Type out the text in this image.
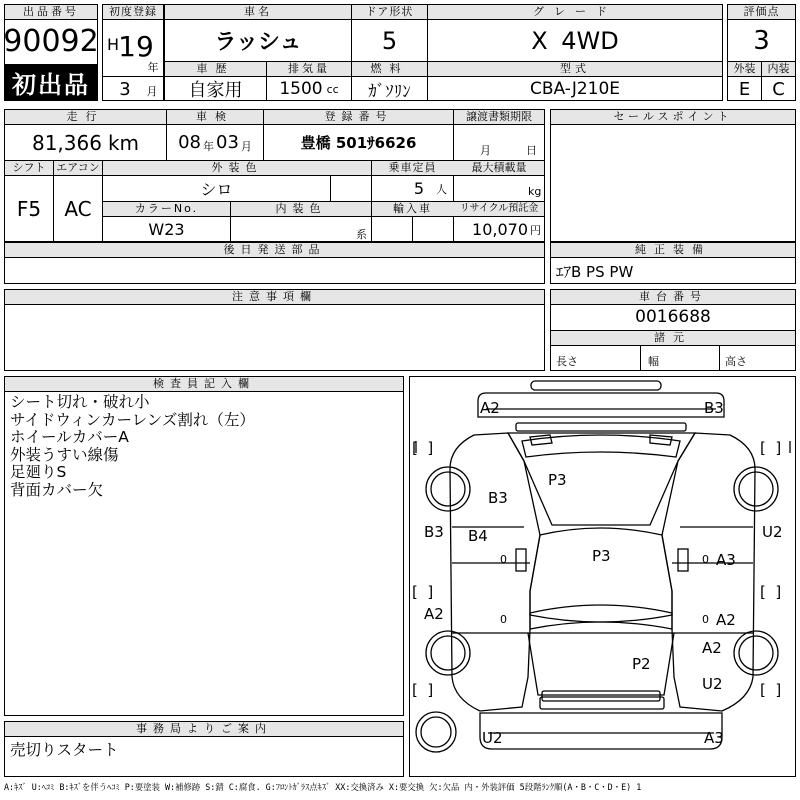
出品番号
90092
初出品
初度登録
H 19
年
3	月
車名
ラッシュ
ドア形状
5
グレード
X 4WD
車歴
自家用
排気量
1500 cc
燃料
ｶﾞｿﾘﾝ
型式
CBA-J210E
評価点
3
外装	内装
E	C
走行
81,366 km
車検
08 年 03 月
登録番号
豊橋 501ｻ6626
譲渡書類期限
月	日
シフト
F5
エアコン
AC
外装色
シロ
乗車定員
5 人
最大積載量
kg
カラーNo.
W23
内装色
系
輸入車	リサイクル預託金
10,070 円
セールスポイント
後日発送部品	純正装備
ｴｱB PS PW
注意事項欄	車台番号
0016688
諸元
長さ	幅	高さ
検査員記入欄
シート切れ・破れ小
サイドウィンカーレンズ割れ（左）
ホイールカバーA
外装うすい線傷
足廻りS
背面カバー欠
事務局よりご案内
売切りスタート
[  ]	[  ]
[  ]	[  ]
[  ]	[  ]
A2	B3
B3
P3
B3 B4
P3	A3
U2
A2	A2
A2
U2
P2
U2	A3
0
0
0
0
A:ｷｽﾞ U:ﾍｺﾐ B:ｷｽﾞを伴うﾍｺﾐ P:要塗装 W:補修跡 S:錆 C:腐食. G:ﾌﾛﾝﾄｶﾞﾗｽ点ｷｽﾞ XX:交換済み X:要交換 欠:欠品 内・外装評価 5段階ﾗﾝｸ順(A・B・C・D・E) 1
